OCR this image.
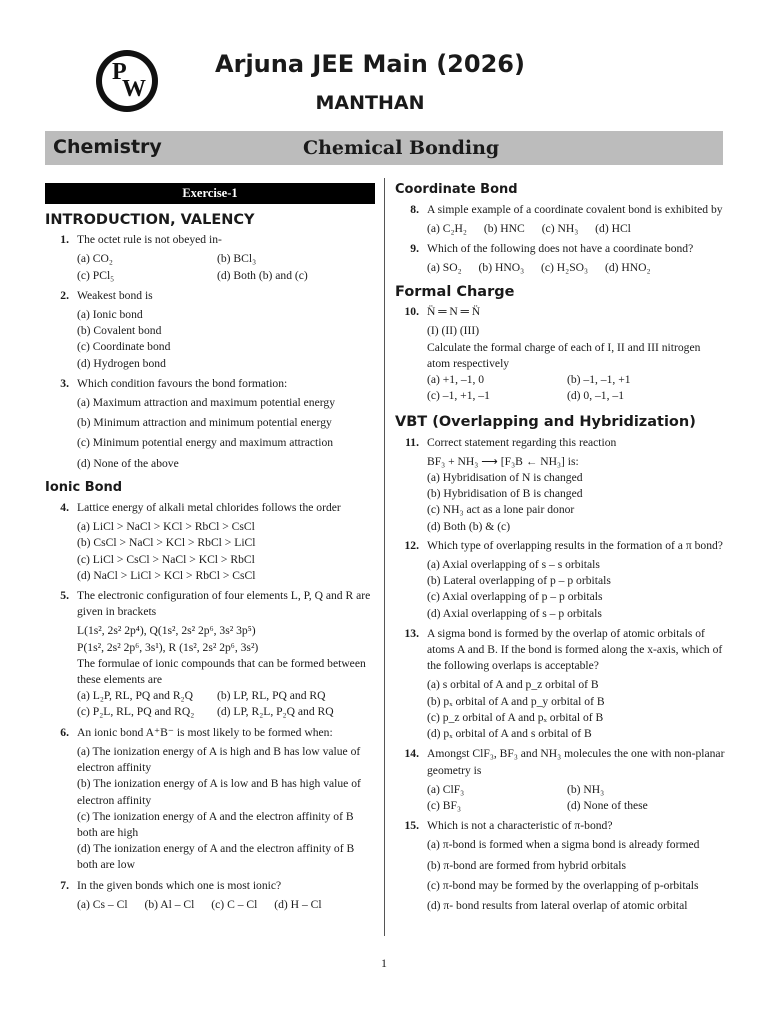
P
W
Arjuna JEE Main (2026)
MANTHAN
Chemistry	Chemical Bonding
Exercise-1
INTRODUCTION, VALENCY
1. The octet rule is not obeyed in-
(a) CO₂	(b) BCl₃
(c) PCl₅	(d) Both (b) and (c)
2. Weakest bond is
(a) Ionic bond
(b) Covalent bond
(c) Coordinate bond
(d) Hydrogen bond
3. Which condition favours the bond formation:
(a) Maximum attraction and maximum potential energy
(b) Minimum attraction and minimum potential energy
(c) Minimum potential energy and maximum attraction
(d) None of the above
Ionic Bond
4. Lattice energy of alkali metal chlorides follows the order
(a) LiCl > NaCl > KCl > RbCl > CsCl
(b) CsCl > NaCl > KCl > RbCl > LiCl
(c) LiCl > CsCl > NaCl > KCl > RbCl
(d) NaCl > LiCl > KCl > RbCl > CsCl
5. The electronic configuration of four elements L, P, Q and R are given in brackets
L(1s², 2s² 2p⁴), Q(1s², 2s² 2p⁶, 3s² 3p⁵)
P(1s², 2s² 2p⁶, 3s¹), R (1s², 2s² 2p⁶, 3s²)
The formulae of ionic compounds that can be formed between these elements are
(a) L₂P, RL, PQ and R₂Q	(b) LP, RL, PQ and RQ
(c) P₂L, RL, PQ and RQ₂	(d) LP, R₂L, P₂Q and RQ
6. An ionic bond A⁺B⁻ is most likely to be formed when:
(a) The ionization energy of A is high and B has low value of electron affinity
(b) The ionization energy of A is low and B has high value of electron affinity
(c) The ionization energy of A and the electron affinity of B both are high
(d) The ionization energy of A and the electron affinity of B both are low
7. In the given bonds which one is most ionic?
(a) Cs – Cl (b) Al – Cl (c) C – Cl (d) H – Cl
Coordinate Bond
8. A simple example of a coordinate covalent bond is exhibited by
(a) C₂H₂ (b) HNC (c) NH₃ (d) HCl
9. Which of the following does not have a coordinate bond?
(a) SO₂ (b) HNO₃ (c) H₂SO₃ (d) HNO₂
Formal Charge
10. N̈ ═ N ═ N̈
(I) (II) (III)
Calculate the formal charge of each of I, II and III nitrogen atom respectively
(a) +1, –1, 0	(b) –1, –1, +1
(c) –1, +1, –1	(d) 0, –1, –1
VBT (Overlapping and Hybridization)
11. Correct statement regarding this reaction
BF₃ + NH₃ ⟶ [F₃B ← NH₃] is:
(a) Hybridisation of N is changed
(b) Hybridisation of B is changed
(c) NH₃ act as a lone pair donor
(d) Both (b) & (c)
12. Which type of overlapping results in the formation of a π bond?
(a) Axial overlapping of s – s orbitals
(b) Lateral overlapping of p – p orbitals
(c) Axial overlapping of p – p orbitals
(d) Axial overlapping of s – p orbitals
13. A sigma bond is formed by the overlap of atomic orbitals of atoms A and B. If the bond is formed along the x-axis, which of the following overlaps is acceptable?
(a) s orbital of A and p_z orbital of B
(b) pₓ orbital of A and p_y orbital of B
(c) p_z orbital of A and pₓ orbital of B
(d) pₓ orbital of A and s orbital of B
14. Amongst ClF₃, BF₃ and NH₃ molecules the one with non-planar geometry is
(a) ClF₃	(b) NH₃
(c) BF₃	(d) None of these
15. Which is not a characteristic of π-bond?
(a) π-bond is formed when a sigma bond is already formed
(b) π-bond are formed from hybrid orbitals
(c) π-bond may be formed by the overlapping of p-orbitals
(d) π- bond results from lateral overlap of atomic orbital
1
